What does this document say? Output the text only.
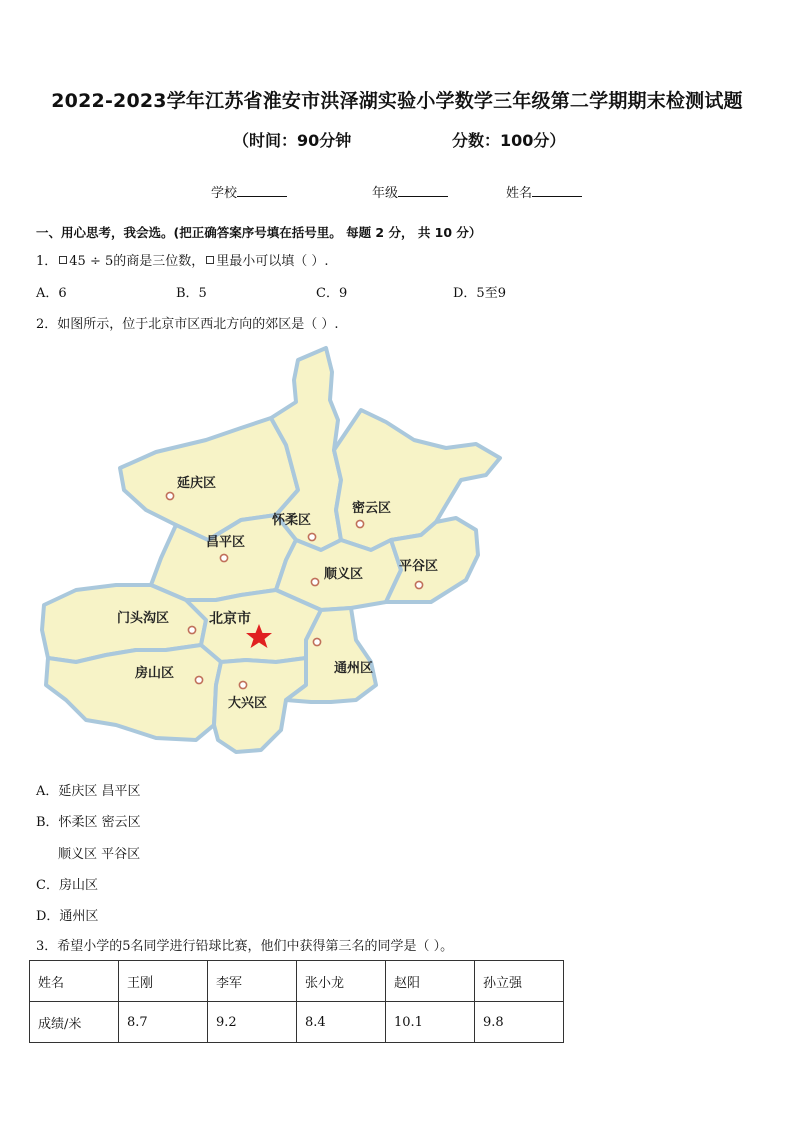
2022-2023学年江苏省淮安市洪泽湖实验小学数学三年级第二学期期末检测试题
（时间：90分钟	分数：100分）
学校	年级	姓名
一、用心思考，我会选。(把正确答案序号填在括号里。 每题 2 分， 共 10 分）
1． 45 ÷ 5的商是三位数， 里最小可以填（ ）.
A．6	B．5	C．9	D．5至9
2．如图所示，位于北京市区西北方向的郊区是（ ）.
延庆区
怀柔区
密云区
昌平区
顺义区
平谷区
门头沟区	北京市
房山区	通州区
大兴区
A．延庆区 昌平区
B．怀柔区 密云区
顺义区 平谷区
C．房山区
D．通州区
3．希望小学的5名同学进行铅球比赛，他们中获得第三名的同学是（ ）。
姓名	王刚	李军	张小龙	赵阳	孙立强
成绩/米	8.7	9.2	8.4	10.1	9.8
